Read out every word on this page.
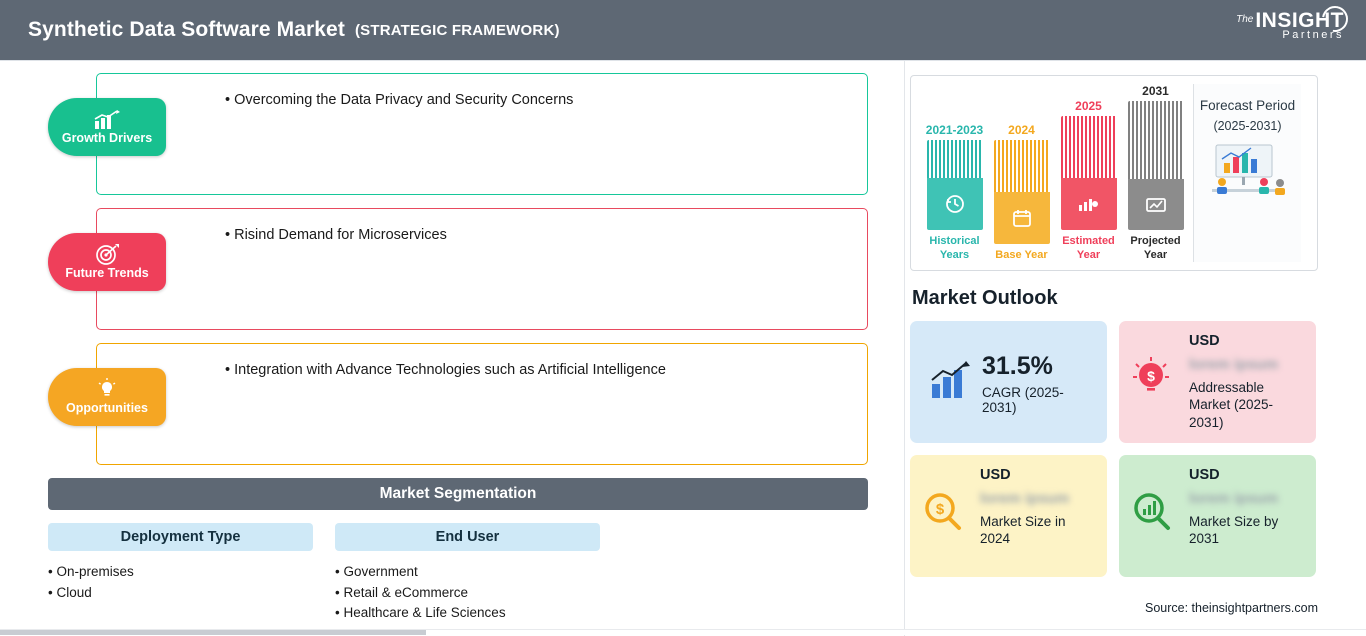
Synthetic Data Software Market (STRATEGIC FRAMEWORK)
TheINSIGHT
Partners
• Overcoming the Data Privacy and Security Concerns
Growth Drivers
• Risind Demand for Microservices
Future Trends
• Integration with Advance Technologies such as Artificial Intelligence
Opportunities
Market Segmentation
Deployment Type
• On-premises
• Cloud
End User
• Government
• Retail & eCommerce
• Healthcare & Life Sciences
2021-2023
Historical Years
2024
Base Year
2025
Estimated Year
2031
Projected Year
Forecast Period
(2025-2031)
Market Outlook
31.5%
CAGR (2025-2031)
$
USD
lorem ipsum
Addressable Market (2025-2031)
$
USD
lorem ipsum
Market Size in 2024
USD
lorem ipsum
Market Size by 2031
Source: theinsightpartners.com
